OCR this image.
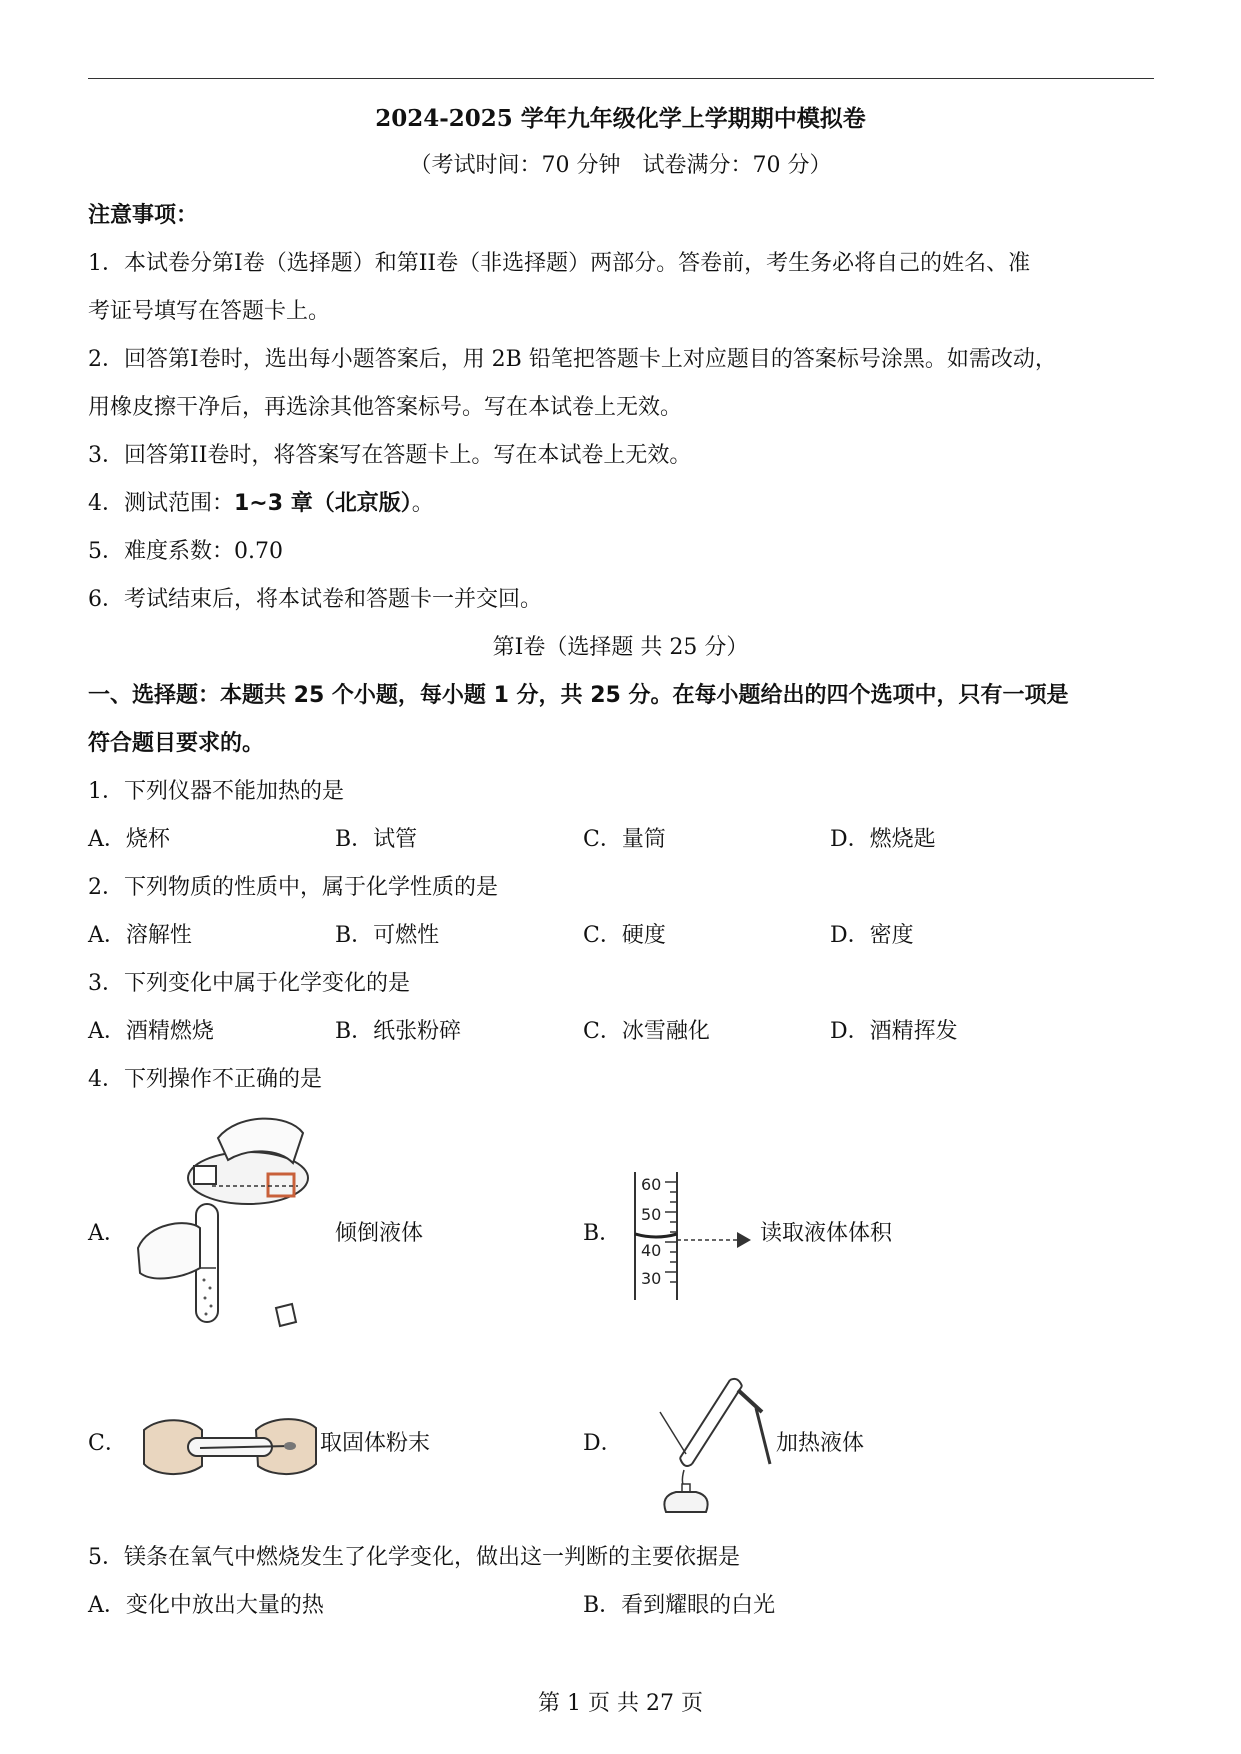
2024-2025 学年九年级化学上学期期中模拟卷
（考试时间：70 分钟　试卷满分：70 分）
注意事项：
1．本试卷分第I卷（选择题）和第II卷（非选择题）两部分。答卷前，考生务必将自己的姓名、准
考证号填写在答题卡上。
2．回答第I卷时，选出每小题答案后，用 2B 铅笔把答题卡上对应题目的答案标号涂黑。如需改动，
用橡皮擦干净后，再选涂其他答案标号。写在本试卷上无效。
3．回答第II卷时，将答案写在答题卡上。写在本试卷上无效。
4．测试范围：1~3 章（北京版）。
5．难度系数：0.70
6．考试结束后，将本试卷和答题卡一并交回。
第I卷（选择题 共 25 分）
一、选择题：本题共 25 个小题，每小题 1 分，共 25 分。在每小题给出的四个选项中，只有一项是
符合题目要求的。
1．下列仪器不能加热的是
A．烧杯	B．试管	C．量筒	D．燃烧匙
2．下列物质的性质中，属于化学性质的是
A．溶解性	B．可燃性	C．硬度	D．密度
3．下列变化中属于化学变化的是
A．酒精燃烧	B．纸张粉碎	C．冰雪融化	D．酒精挥发
4．下列操作不正确的是
A．	倾倒液体	B．
60
50
40
30
读取液体体积
C．	取固体粉末	D．	加热液体
5．镁条在氧气中燃烧发生了化学变化，做出这一判断的主要依据是
A．变化中放出大量的热	B．看到耀眼的白光
第 1 页 共 27 页
